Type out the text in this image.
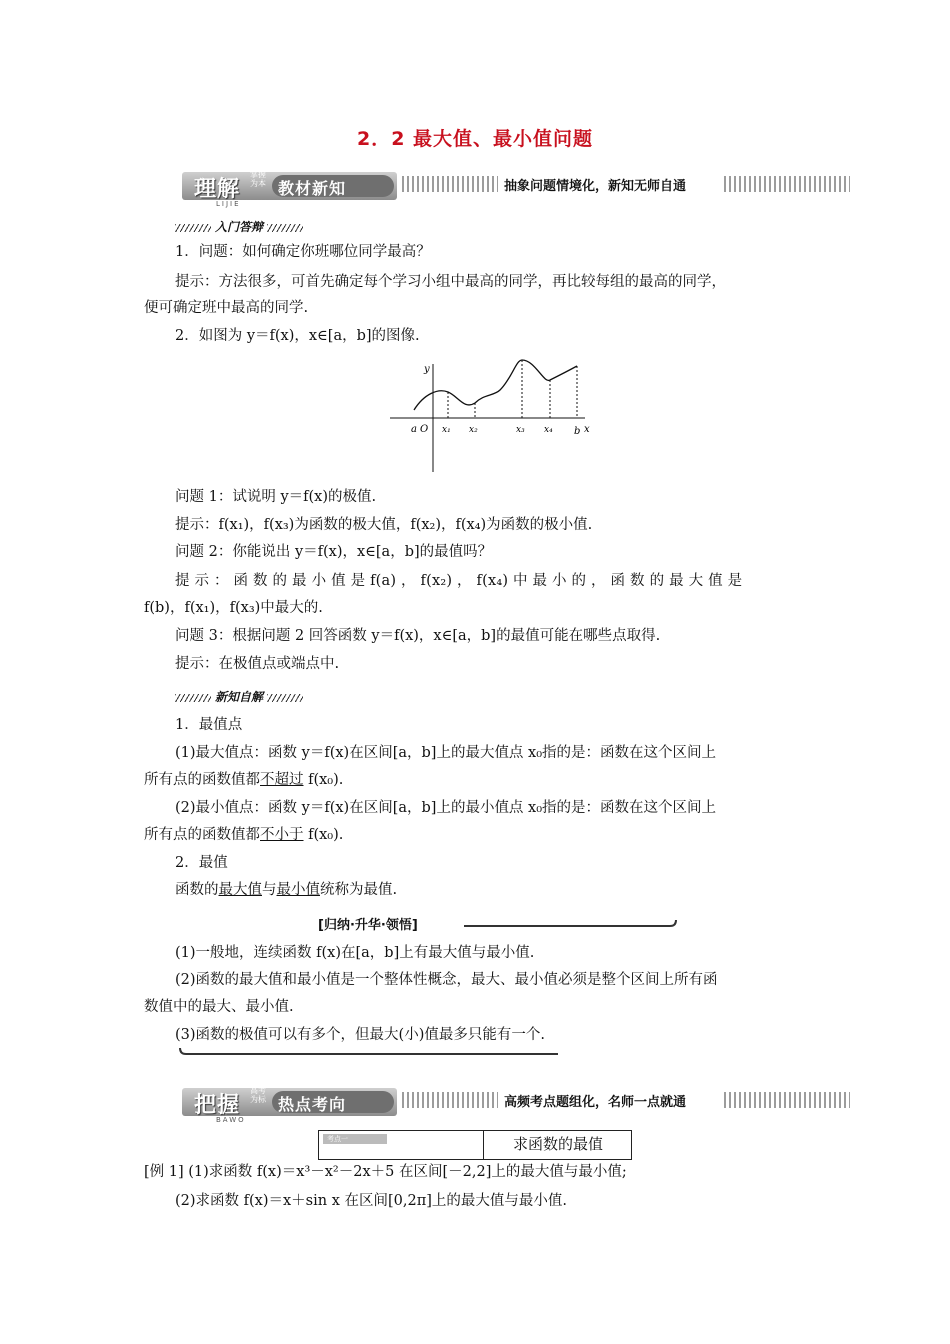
2．2 最大值、最小值问题
理解
掌握为本 教材新知
LIJIE
抽象问题情境化，新知无师自通
入门答辩
1．问题：如何确定你班哪位同学最高？
提示：方法很多，可首先确定每个学习小组中最高的同学，再比较每组的最高的同学，
便可确定班中最高的同学.
2．如图为 y＝f(x)，x∈[a，b]的图像.
y
a O x₁ x₂	x₃ x₄ b x
问题 1：试说明 y＝f(x)的极值.
提示：f(x₁)，f(x₃)为函数的极大值，f(x₂)，f(x₄)为函数的极小值.
问题 2：你能说出 y＝f(x)，x∈[a，b]的最值吗？
提 示 ： 函 数 的 最 小 值 是 f(a) ， f(x₂) ， f(x₄) 中 最 小 的 ， 函 数 的 最 大 值 是
f(b)，f(x₁)，f(x₃)中最大的.
问题 3：根据问题 2 回答函数 y＝f(x)，x∈[a，b]的最值可能在哪些点取得.
提示：在极值点或端点中.
新知自解
1．最值点
(1)最大值点：函数 y＝f(x)在区间[a，b]上的最大值点 x₀指的是：函数在这个区间上
所有点的函数值都不超过 f(x₀).
(2)最小值点：函数 y＝f(x)在区间[a，b]上的最小值点 x₀指的是：函数在这个区间上
所有点的函数值都不小于 f(x₀).
2．最值
函数的最大值与最小值统称为最值.
[归纳·升华·领悟]
(1)一般地，连续函数 f(x)在[a，b]上有最大值与最小值.
(2)函数的最大值和最小值是一个整体性概念，最大、最小值必须是整个区间上所有函
数值中的最大、最小值.
(3)函数的极值可以有多个，但最大(小)值最多只能有一个.
把握
高考为标 热点考向
BAWO
高频考点题组化，名师一点就通
考点一	求函数的最值
[例 1] (1)求函数 f(x)＝x³－x²－2x＋5 在区间[－2,2]上的最大值与最小值;
(2)求函数 f(x)＝x＋sin x 在区间[0,2π]上的最大值与最小值.
